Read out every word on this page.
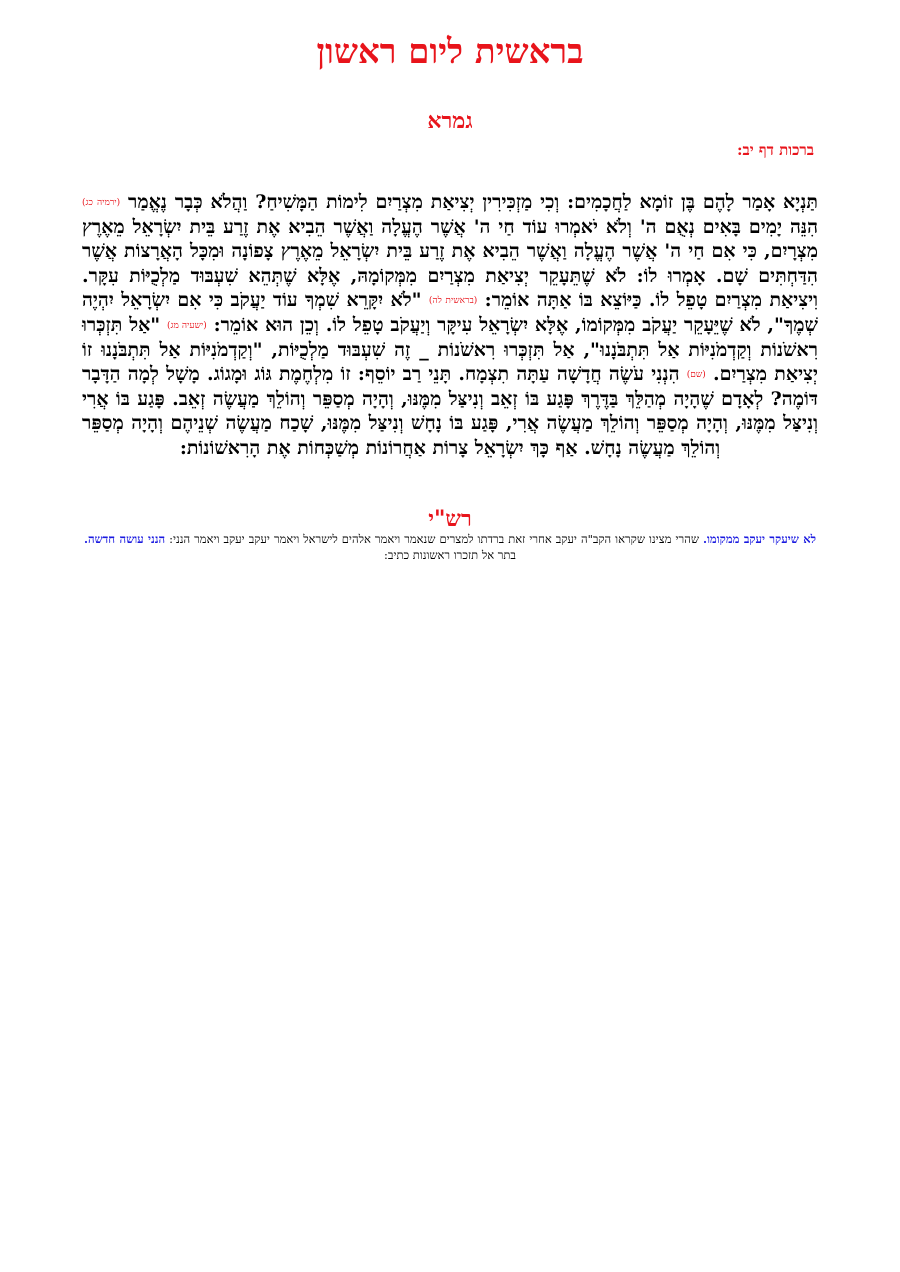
בראשית ליום ראשון
גמרא
ברכות דף יב:

תַּנְיָא אָמַר לָהֶם בֶּן זוֹמָא לַחֲכָמִים: וְכִי מַזְכִּירִין יְצִיאַת מִצְרַיִם לִימוֹת הַמָּשִׁיחַ? וַהֲלֹא כְּבָר נֶאֱמַר (ירמיה כג) הִנֵּה יָמִים בָּאִים נְאֻם ה' וְלֹא יֹאמְרוּ עוֹד חַי ה' אֲשֶׁר הֶעֱלָה וַאֲשֶׁר הֵבִיא אֶת זֶרַע בֵּית יִשְׂרָאֵל מֵאֶרֶץ מִצְרָיִם, כִּי אִם חַי ה' אֲשֶׁר הֶעֱלָה וַאֲשֶׁר הֵבִיא אֶת זֶרַע בֵּית יִשְׂרָאֵל מֵאֶרֶץ צָפוֹנָה וּמִכָּל הָאֲרָצוֹת אֲשֶׁר הִדַּחְתִּים שָׁם. אָמְרוּ לוֹ: לֹא שֶׁתֵּעָקֵר יְצִיאַת מִצְרַיִם מִמְּקוֹמָהּ, אֶלָּא שֶׁתְּהֵא שִׁעְבּוּד מַלְכֻיּוֹת עִקָּר. וִיצִיאַת מִצְרַיִם טָפֵל לוֹ. כַּיּוֹצֵא בּוֹ אַתָּה אוֹמֵר: (בראשית לה) "לֹא יִקָּרֵא שִׁמְךָ עוֹד יַעֲקֹב כִּי אִם יִשְׂרָאֵל יִהְיֶה שְׁמֶךָ", לֹא שֶׁיֵּעָקֵר יַעֲקֹב מִמְּקוֹמוֹ, אֶלָּא יִשְׂרָאֵל עִיקָּר וְיַעֲקֹב טָפֵל לוֹ. וְכֵן הוּא אוֹמֵר: (ישעיה מג) "אַל תִּזְכְּרוּ רִאשֹׁנוֹת וְקַדְמֹנִיּוֹת אַל תִּתְבֹּנָנוּ", אַל תִּזְכְּרוּ רִאשֹׁנוֹת _ זֶה שִׁעְבּוּד מַלְכֻיּוֹת, "וְקַדְמֹנִיּוֹת אַל תִּתְבֹּנָנוּ זוֹ יְצִיאַת מִצְרַיִם. (שם) הִנְנִי עֹשֶׂה חֲדָשָׁה עַתָּה תִצְמָח. תָּנֵי רַב יוֹסֵף: זוֹ מִלְחֶמֶת גּוֹג וּמָגוֹג. מָשָׁל לְמָה הַדָּבָר דּוֹמֶה? לְאָדָם שֶׁהָיָה מְהַלֵּךְ בַּדֶּרֶךְ פָּגַע בּוֹ זְאֵב וְנִיצַּל מִמֶּנּוּ, וְהָיָה מְסַפֵּר וְהוֹלֵךְ מַעֲשֶׂה זְאֵב. פָּגַע בּוֹ אֲרִי וְנִיצַּל מִמֶּנּוּ, וְהָיָה מְסַפֵּר וְהוֹלֵךְ מַעֲשֶׂה אֲרִי, פָּגַע בּוֹ נָחָשׁ וְנִיצַּל מִמֶּנּוּ, שָׁכַח מַעֲשֶׂה שְׁנֵיהֶם וְהָיָה מְסַפֵּר וְהוֹלֵךְ מַעֲשֶׂה נָחָשׁ. אַף כָּךְ יִשְׂרָאֵל צָרוֹת אַחֲרוֹנוֹת מְשַׁכְּחוֹת אֶת הָרִאשׁוֹנוֹת:

רש"י

לא שיעקר יעקב ממקומו. שהרי מצינו שקראו הקב"ה יעקב אחרי זאת ברדתו למצרים שנאמר ויאמר אלהים לישראל ויאמר יעקב יעקב ויאמר הנני: הנני עושה חדשה. בתר אל תזכרו ראשונות כתיב:
